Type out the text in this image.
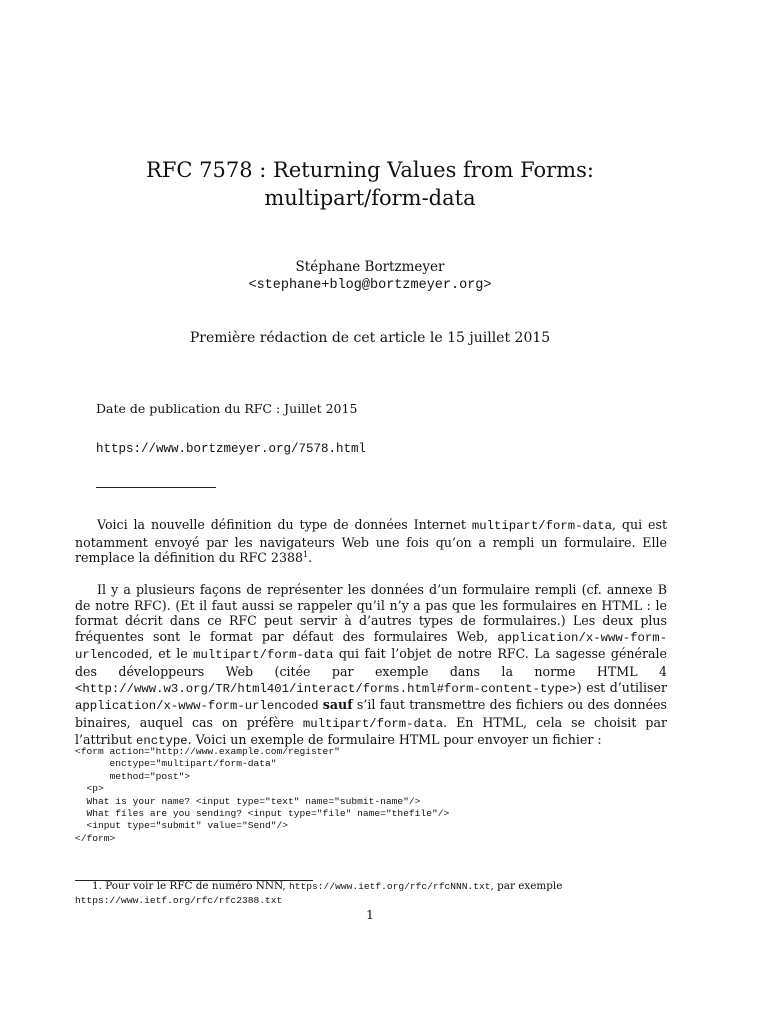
RFC 7578 : Returning Values from Forms:
multipart/form-data
Stéphane Bortzmeyer
<stephane+blog@bortzmeyer.org>
Première rédaction de cet article le 15 juillet 2015
Date de publication du RFC : Juillet 2015
https://www.bortzmeyer.org/7578.html

Voici la nouvelle définition du type de données Internet multipart/form-data, qui est notamment envoyé par les navigateurs Web une fois qu’on a rempli un formulaire. Elle remplace la définition du RFC 2388$^1$.

Il y a plusieurs façons de représenter les données d’un formulaire rempli (cf. annexe B de notre RFC). (Et il faut aussi se rappeler qu’il n’y a pas que les formulaires en HTML : le format décrit dans ce RFC peut servir à d’autres types de formulaires.) Les deux plus fréquentes sont le format par défaut des formulaires Web, application/x-www-form-urlencoded, et le multipart/form-data qui fait l’objet de notre RFC. La sagesse générale des développeurs Web (citée par exemple dans la norme HTML 4 <http://www.w3.org/TR/html401/interact/forms.html#form-content-type>) est d’utiliser application/x-www-form-urlencoded sauf s’il faut transmettre des fichiers ou des données binaires, auquel cas on préfère multipart/form-data. En HTML, cela se choisit par l’attribut enctype. Voici un exemple de formulaire HTML pour envoyer un fichier :

<form action="http://www.example.com/register"
enctype="multipart/form-data"
method="post">
<p>
What is your name? <input type="text" name="submit-name"/>
What files are you sending? <input type="file" name="thefile"/>
<input type="submit" value="Send"/>
</form>

1. Pour voir le RFC de numéro NNN, https://www.ietf.org/rfc/rfcNNN.txt, par exemple https://www.ietf.org/rfc/rfc2388.txt

1
